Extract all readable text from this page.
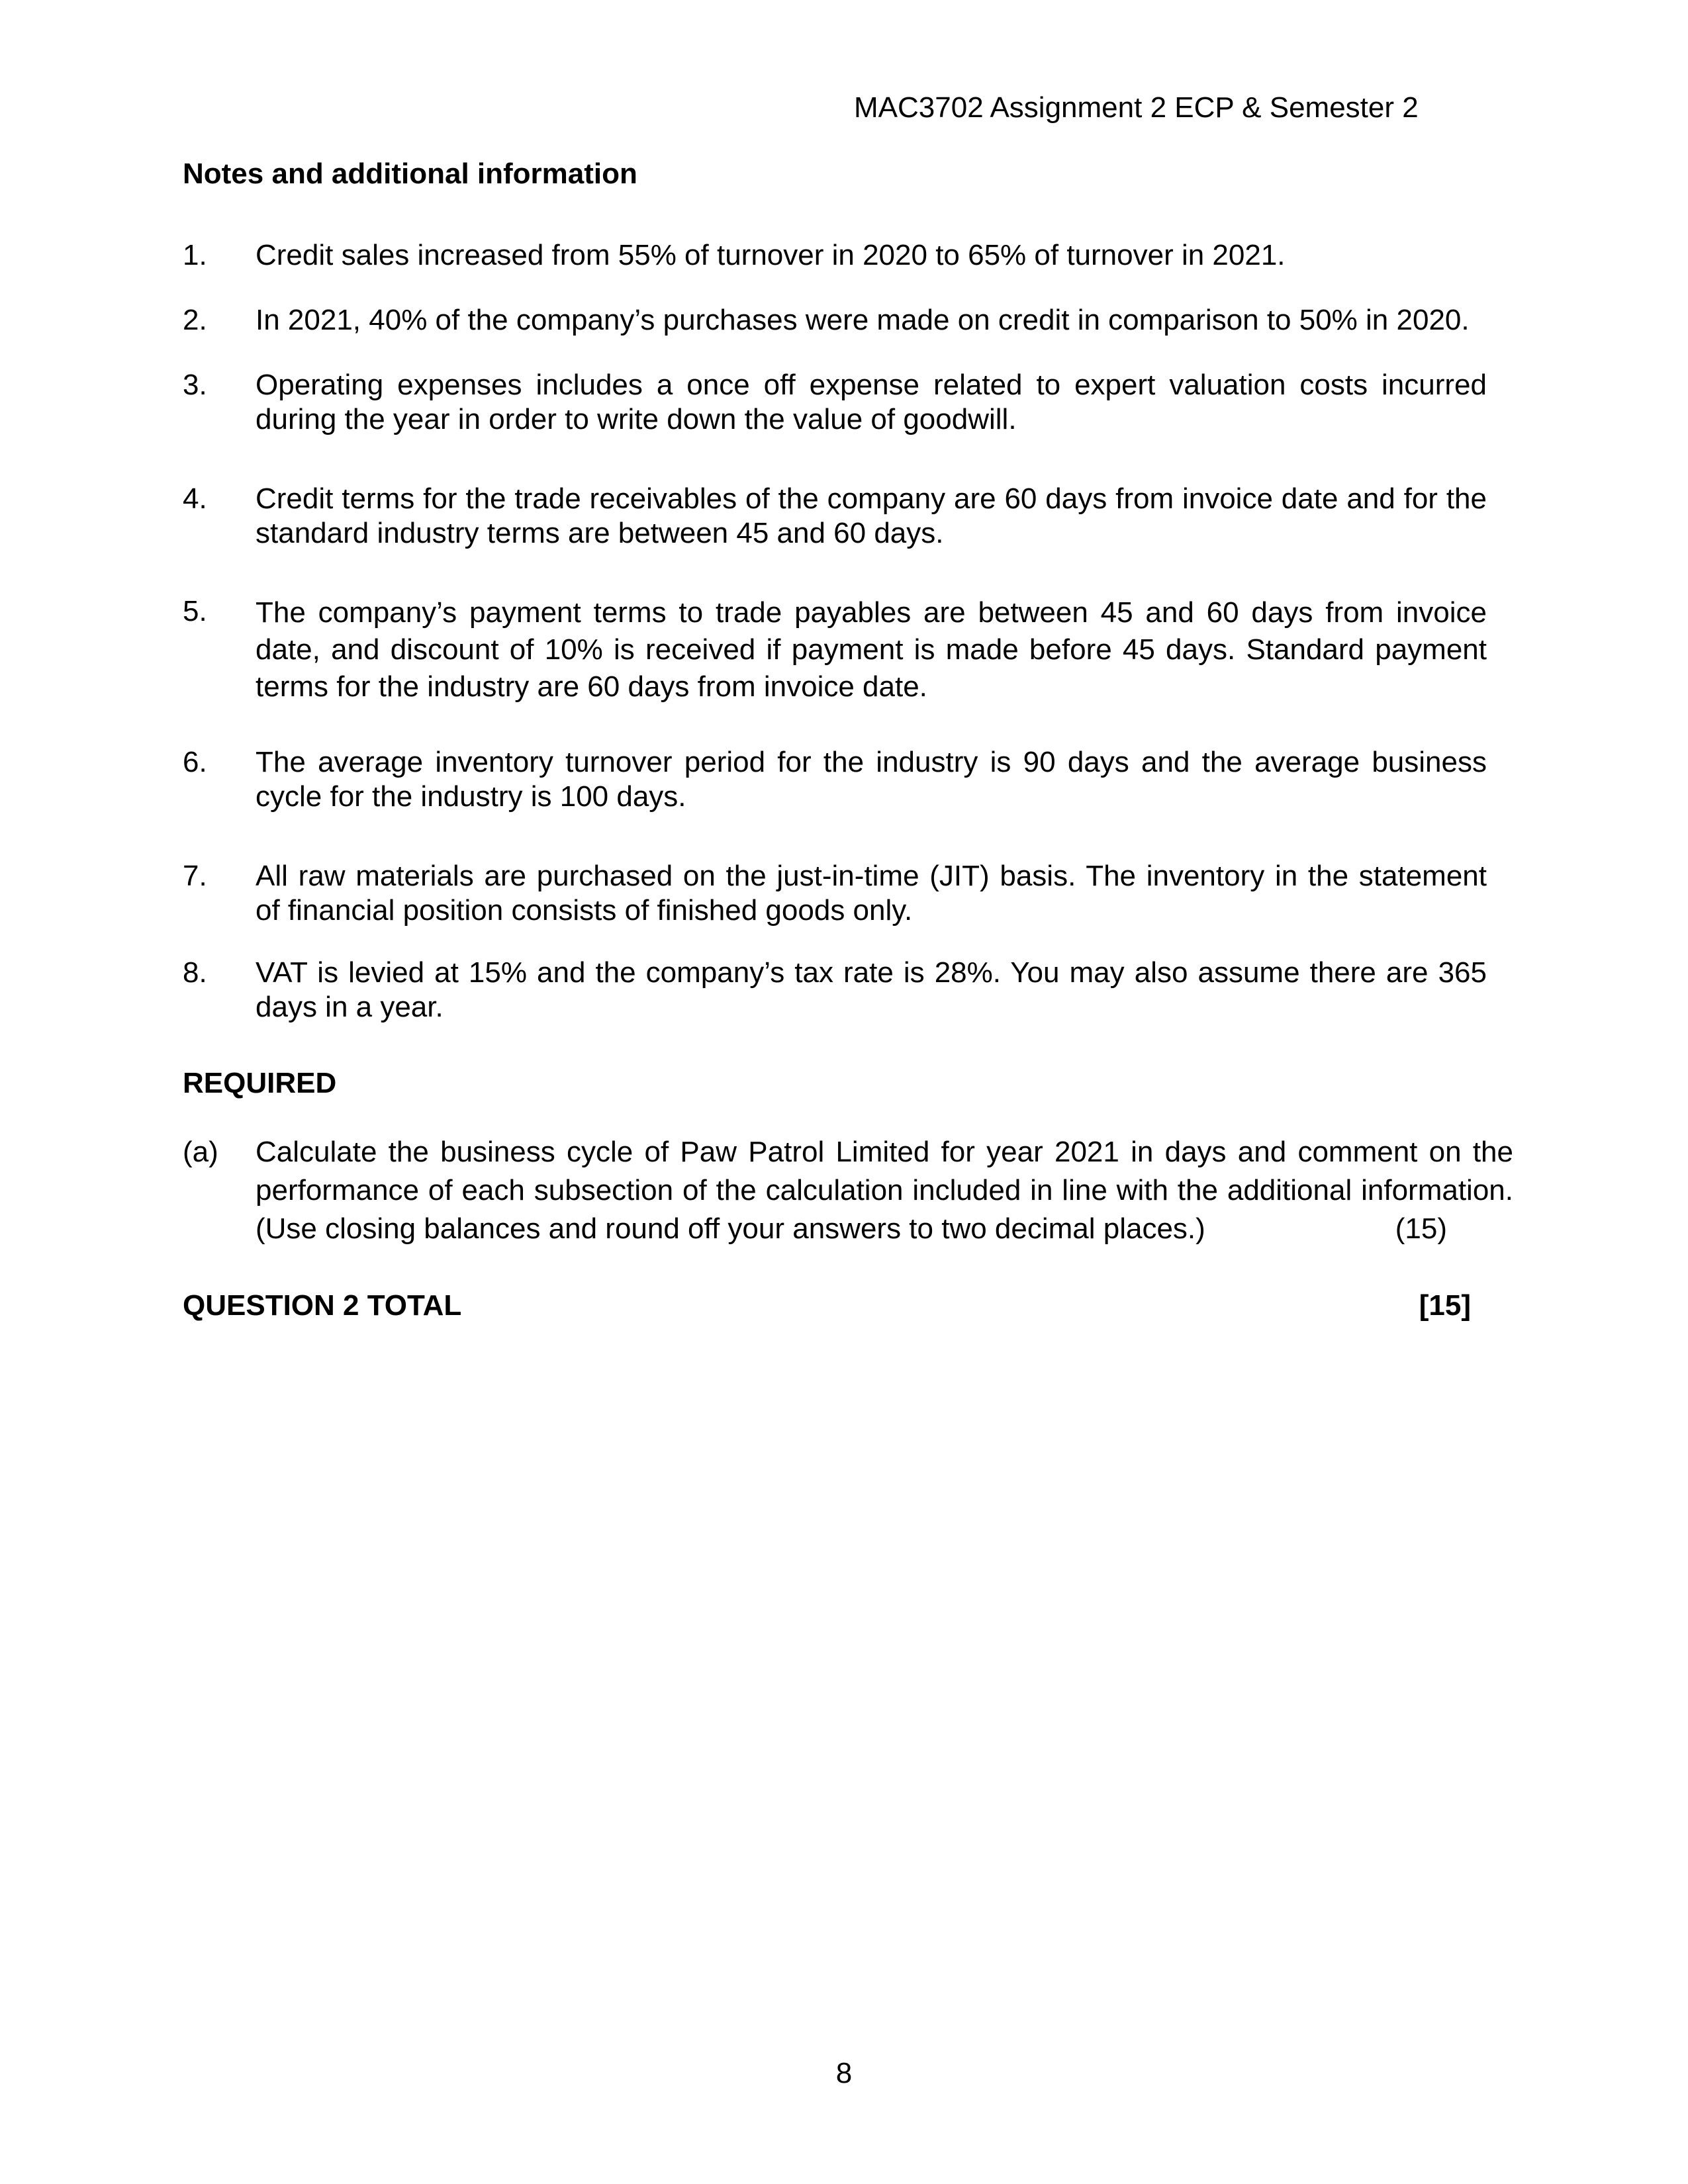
MAC3702 Assignment 2 ECP & Semester 2
Notes and additional information
1. Credit sales increased from 55% of turnover in 2020 to 65% of turnover in 2021.
2. In 2021, 40% of the company’s purchases were made on credit in comparison to 50% in 2020.
3. Operating expenses includes a once off expense related to expert valuation costs incurred during the year in order to write down the value of goodwill.
4. Credit terms for the trade receivables of the company are 60 days from invoice date and for the standard industry terms are between 45 and 60 days.
5. The company’s payment terms to trade payables are between 45 and 60 days from invoice date, and discount of 10% is received if payment is made before 45 days. Standard payment terms for the industry are 60 days from invoice date.
6. The average inventory turnover period for the industry is 90 days and the average business cycle for the industry is 100 days.
7. All raw materials are purchased on the just-in-time (JIT) basis. The inventory in the statement of financial position consists of finished goods only.
8. VAT is levied at 15% and the company’s tax rate is 28%. You may also assume there are 365 days in a year.
REQUIRED
(a) Calculate the business cycle of Paw Patrol Limited for year 2021 in days and comment on the performance of each subsection of the calculation included in line with the additional information.
(Use closing balances and round off your answers to two decimal places.)	(15)
QUESTION 2 TOTAL	[15]
8
